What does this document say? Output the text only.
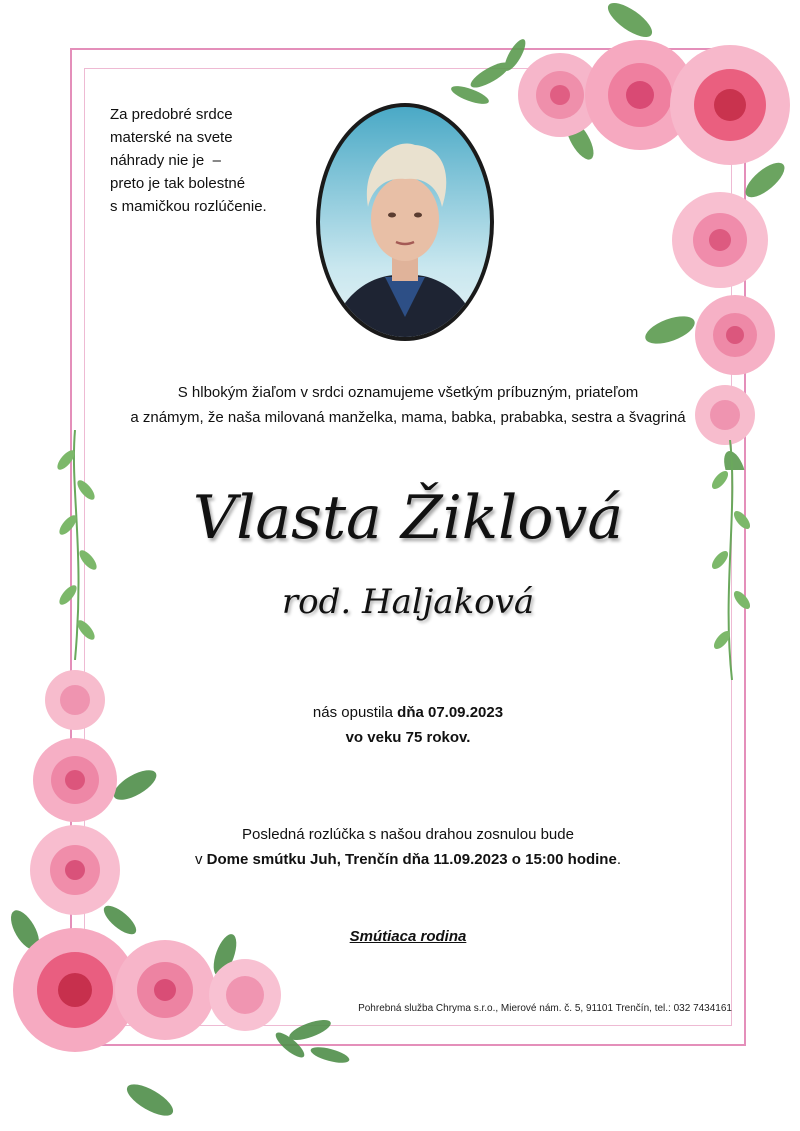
Za predobré srdce
materské na svete
náhrady nie je  –
preto je tak bolestné
s mamičkou rozlúčenie.
S hlbokým žiaľom v srdci oznamujeme všetkým príbuzným, priateľom
a známym, že naša milovaná manželka, mama, babka, prababka, sestra a švagriná
Vlasta Žiklová
rod. Haljaková
nás opustila dňa 07.09.2023
vo veku 75 rokov.
Posledná rozlúčka s našou drahou zosnulou bude
v Dome smútku Juh, Trenčín dňa 11.09.2023 o 15:00 hodine.
Smútiaca rodina
Pohrebná služba Chryma s.r.o., Mierové nám. č. 5, 91101 Trenčín, tel.: 032 7434161
